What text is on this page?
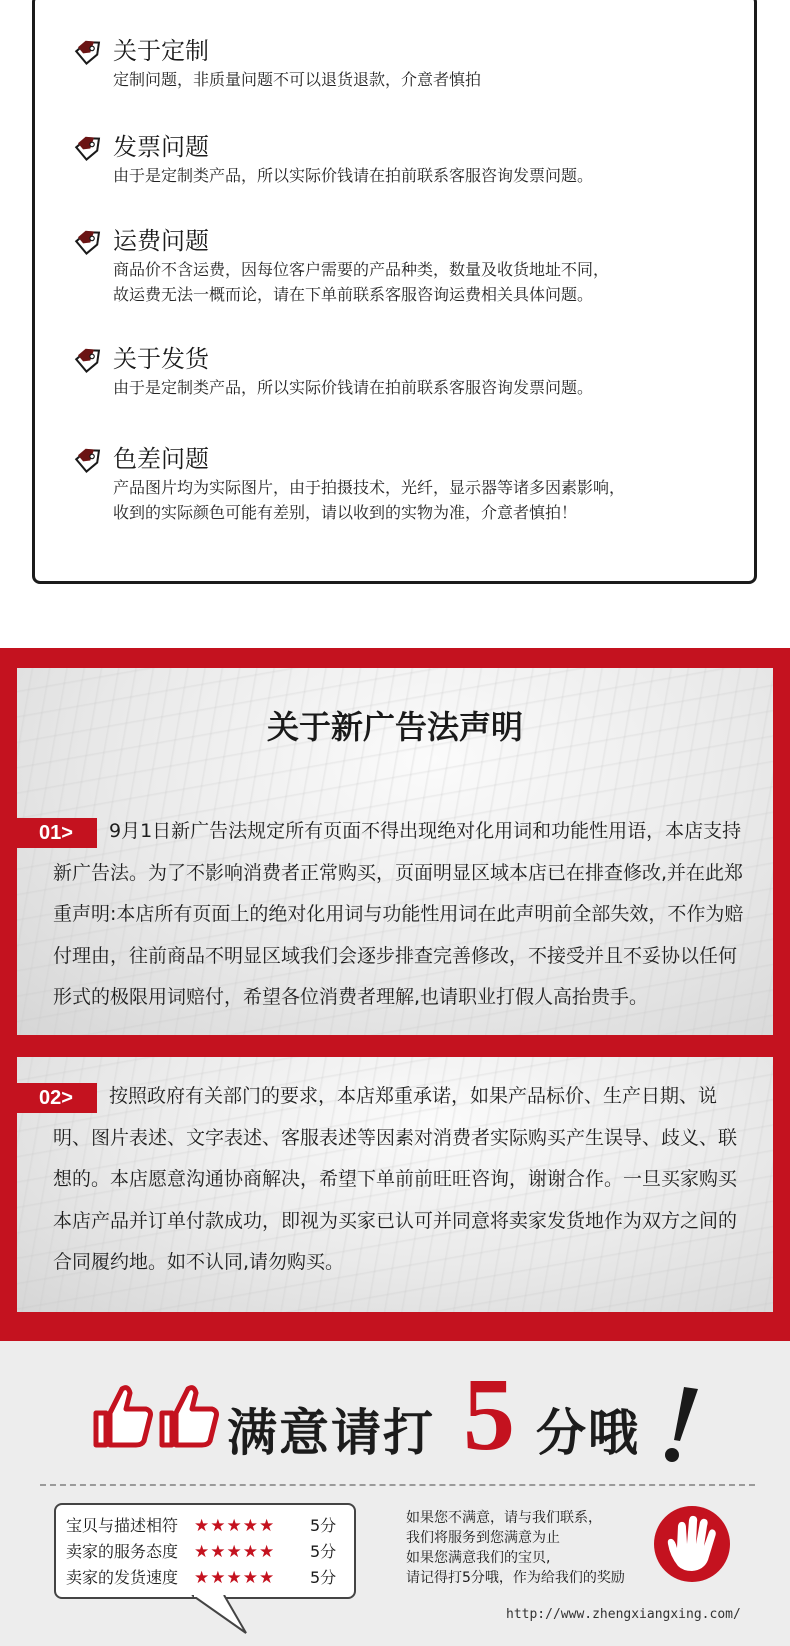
关于定制
定制问题，非质量问题不可以退货退款，介意者慎拍
发票问题
由于是定制类产品，所以实际价钱请在拍前联系客服咨询发票问题。
运费问题
商品价不含运费，因每位客户需要的产品种类，数量及收货地址不同，
故运费无法一概而论，请在下单前联系客服咨询运费相关具体问题。
关于发货
由于是定制类产品，所以实际价钱请在拍前联系客服咨询发票问题。
色差问题
产品图片均为实际图片，由于拍摄技术，光纤，显示器等诸多因素影响，
收到的实际颜色可能有差别，请以收到的实物为准，介意者慎拍！
关于新广告法声明
01>	9月1日新广告法规定所有页面不得出现绝对化用词和功能性用语，本店支持新广告法。为了不影响消费者正常购买，页面明显区域本店已在排查修改,并在此郑重声明:本店所有页面上的绝对化用词与功能性用词在此声明前全部失效，不作为赔付理由，往前商品不明显区域我们会逐步排查完善修改，不接受并且不妥协以任何形式的极限用词赔付，希望各位消费者理解,也请职业打假人高抬贵手。
02>	按照政府有关部门的要求，本店郑重承诺，如果产品标价、生产日期、说明、图片表述、文字表述、客服表述等因素对消费者实际购买产生误导、歧义、联想的。本店愿意沟通协商解决，希望下单前前旺旺咨询，谢谢合作。一旦买家购买本店产品并订单付款成功，即视为买家已认可并同意将卖家发货地作为双方之间的合同履约地。如不认同,请勿购买。
满意请打 5 分哦
宝贝与描述相符 ★★★★★ 5分
卖家的服务态度 ★★★★★ 5分
卖家的发货速度 ★★★★★ 5分
如果您不满意，请与我们联系，
我们将服务到您满意为止
如果您满意我们的宝贝,
请记得打5分哦，作为给我们的奖励
http://www.zhengxiangxing.com/
